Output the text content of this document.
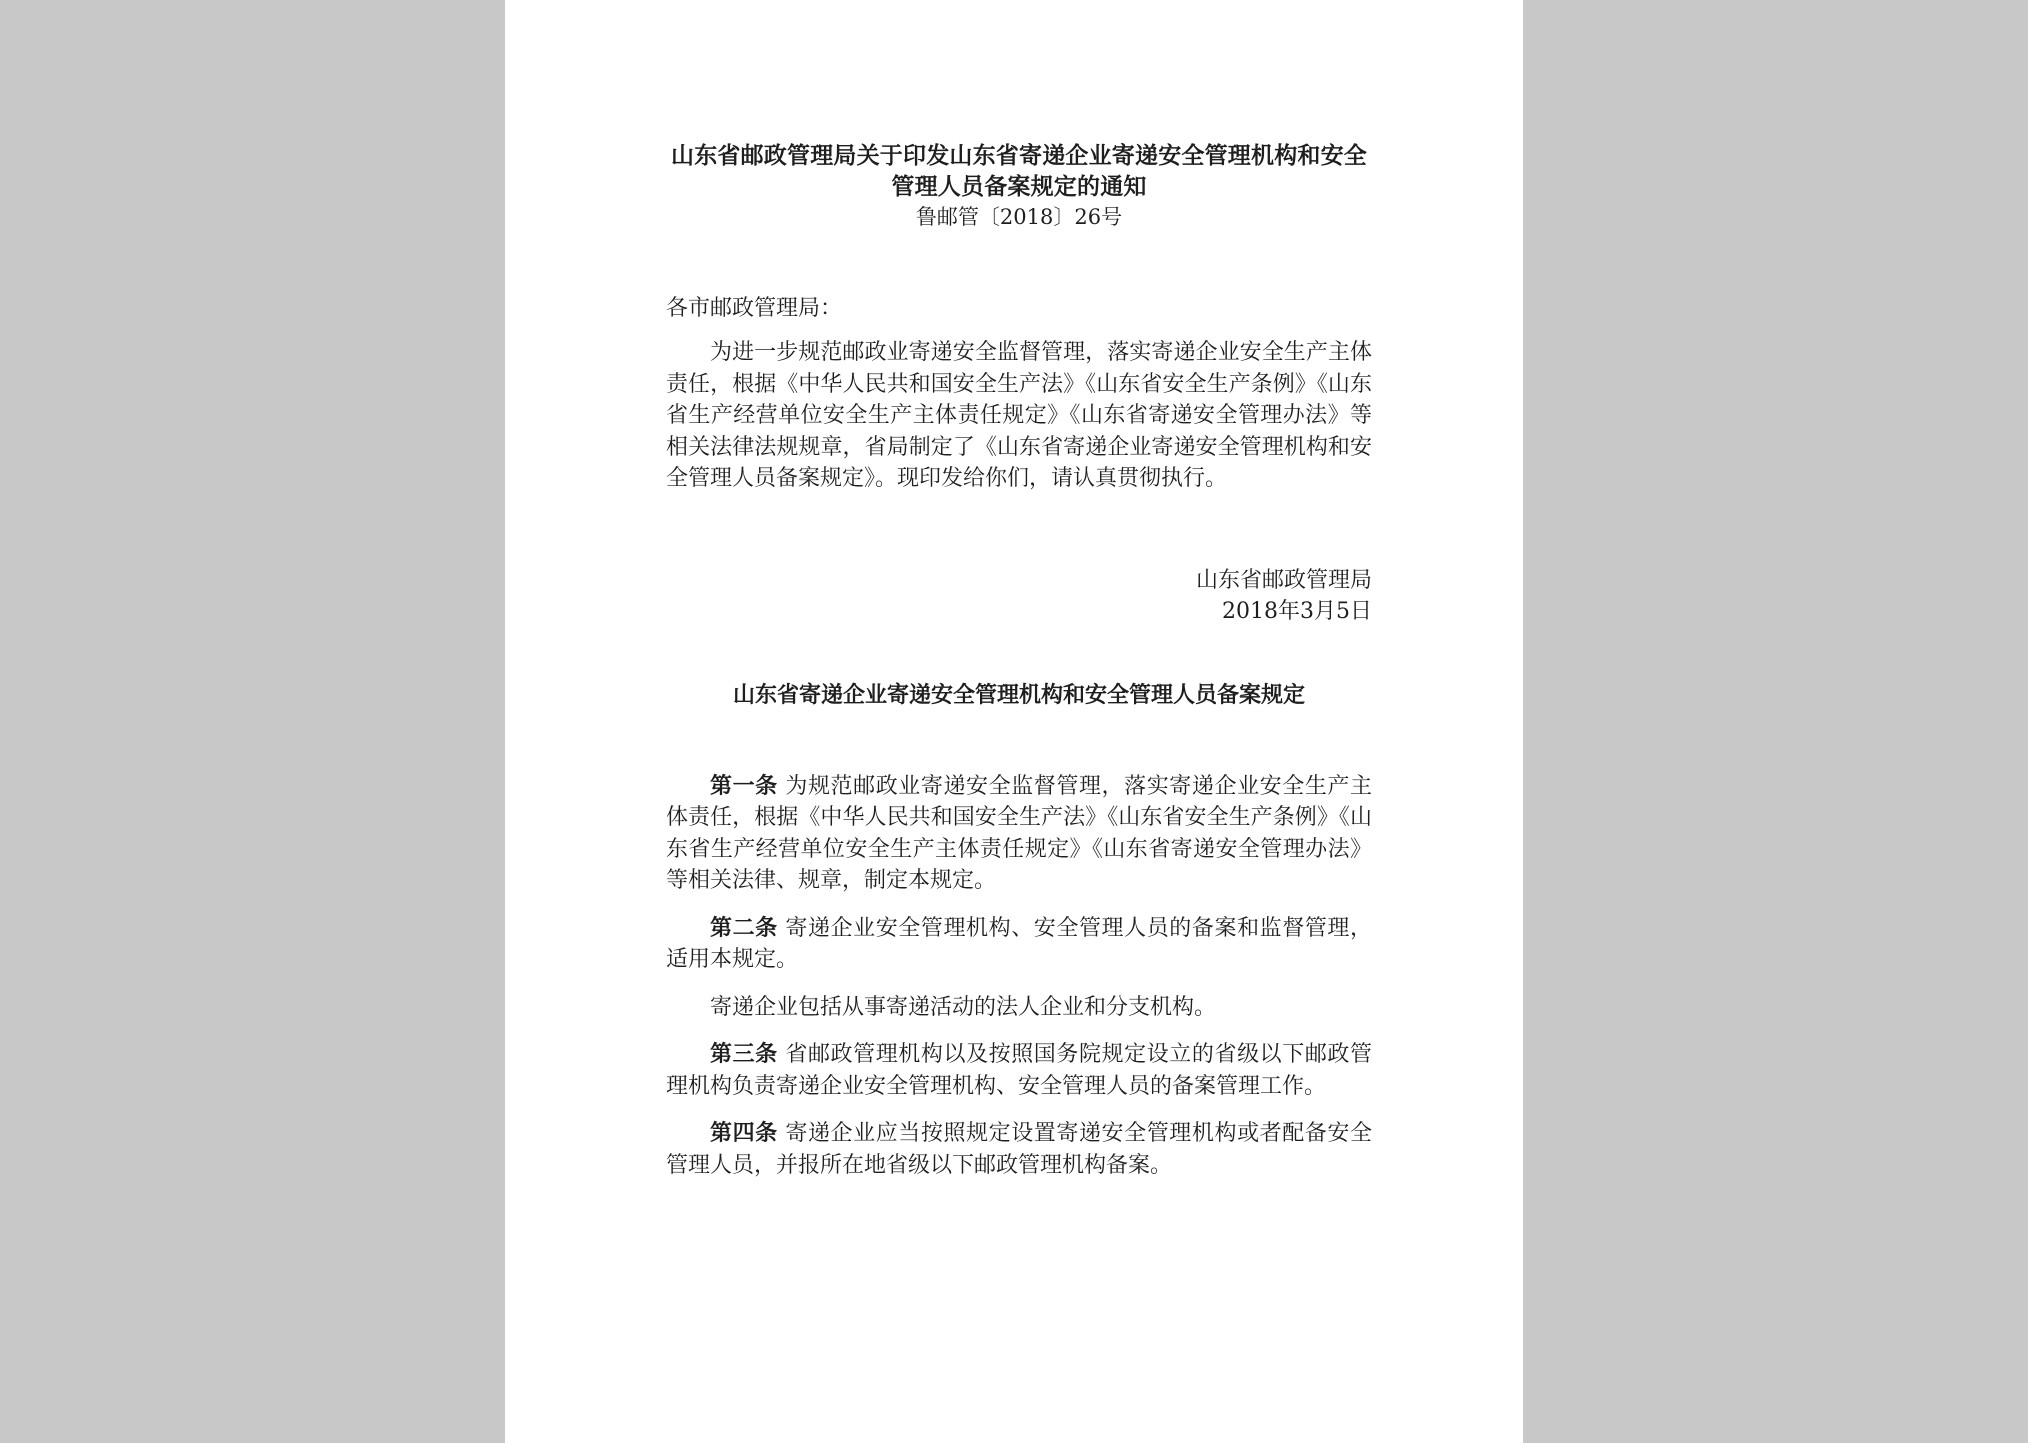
山东省邮政管理局关于印发山东省寄递企业寄递安全管理机构和安全管理人员备案规定的通知
鲁邮管〔2018〕26号
各市邮政管理局：

为进一步规范邮政业寄递安全监督管理，落实寄递企业安全生产主体责任，根据《中华人民共和国安全生产法》《山东省安全生产条例》《山东省生产经营单位安全生产主体责任规定》《山东省寄递安全管理办法》等相关法律法规规章，省局制定了《山东省寄递企业寄递安全管理机构和安全管理人员备案规定》。现印发给你们，请认真贯彻执行。

山东省邮政管理局
2018年3月5日
山东省寄递企业寄递安全管理机构和安全管理人员备案规定

第一条 为规范邮政业寄递安全监督管理，落实寄递企业安全生产主体责任，根据《中华人民共和国安全生产法》《山东省安全生产条例》《山东省生产经营单位安全生产主体责任规定》《山东省寄递安全管理办法》等相关法律、规章，制定本规定。

第二条 寄递企业安全管理机构、安全管理人员的备案和监督管理，适用本规定。

寄递企业包括从事寄递活动的法人企业和分支机构。

第三条 省邮政管理机构以及按照国务院规定设立的省级以下邮政管理机构负责寄递企业安全管理机构、安全管理人员的备案管理工作。

第四条 寄递企业应当按照规定设置寄递安全管理机构或者配备安全管理人员，并报所在地省级以下邮政管理机构备案。
